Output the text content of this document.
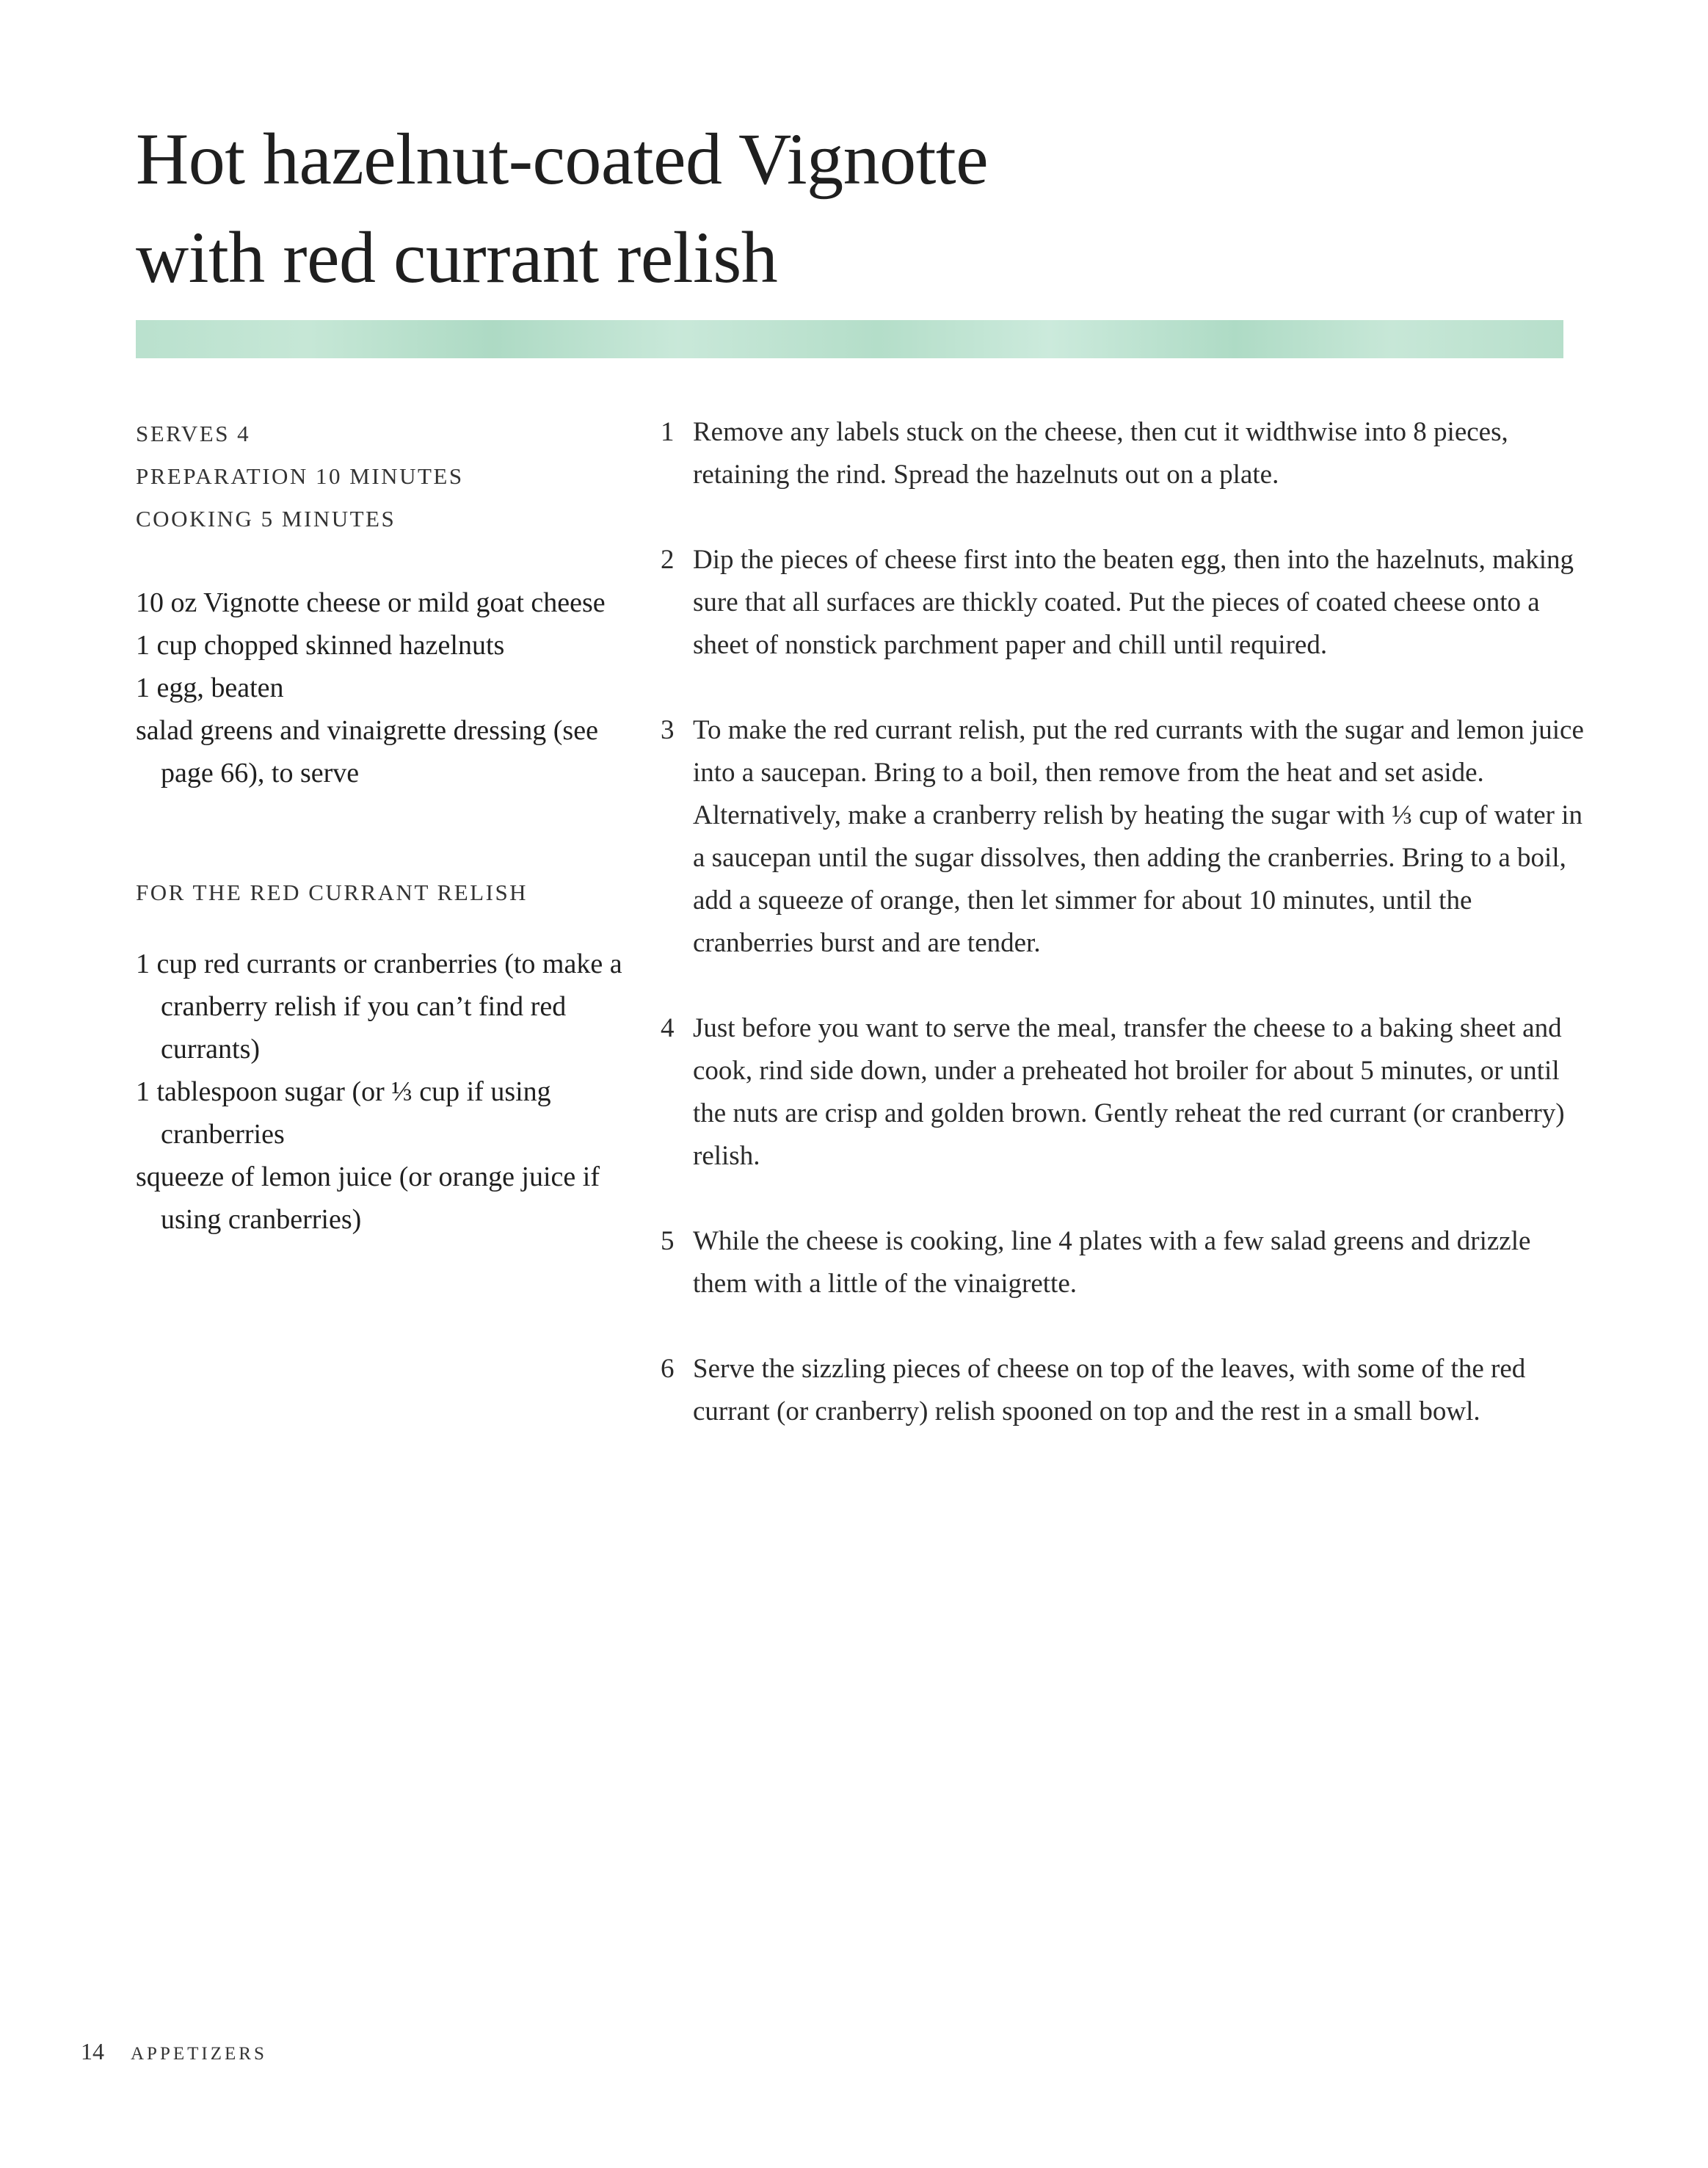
Hot hazelnut-coated Vignotte
with red currant relish
SERVES 4
PREPARATION 10 MINUTES
COOKING 5 MINUTES
10 oz Vignotte cheese or mild goat cheese
1 cup chopped skinned hazelnuts
1 egg, beaten
salad greens and vinaigrette dressing (see page 66), to serve
FOR THE RED CURRANT RELISH
1 cup red currants or cranberries (to make a cranberry relish if you can’t find red currants)
1 tablespoon sugar (or ⅓ cup if using cranberries
squeeze of lemon juice (or orange juice if using cranberries)
1 Remove any labels stuck on the cheese, then cut it widthwise into 8 pieces, retaining the rind. Spread the hazelnuts out on a plate.
2 Dip the pieces of cheese first into the beaten egg, then into the hazelnuts, making sure that all surfaces are thickly coated. Put the pieces of coated cheese onto a sheet of nonstick parchment paper and chill until required.
3 To make the red currant relish, put the red currants with the sugar and lemon juice into a saucepan. Bring to a boil, then remove from the heat and set aside. Alternatively, make a cranberry relish by heating the sugar with ⅓ cup of water in a saucepan until the sugar dissolves, then adding the cranberries. Bring to a boil, add a squeeze of orange, then let simmer for about 10 minutes, until the cranberries burst and are tender.
4 Just before you want to serve the meal, transfer the cheese to a baking sheet and cook, rind side down, under a preheated hot broiler for about 5 minutes, or until the nuts are crisp and golden brown. Gently reheat the red currant (or cranberry) relish.
5 While the cheese is cooking, line 4 plates with a few salad greens and drizzle them with a little of the vinaigrette.
6 Serve the sizzling pieces of cheese on top of the leaves, with some of the red currant (or cranberry) relish spooned on top and the rest in a small bowl.
14 APPETIZERS
